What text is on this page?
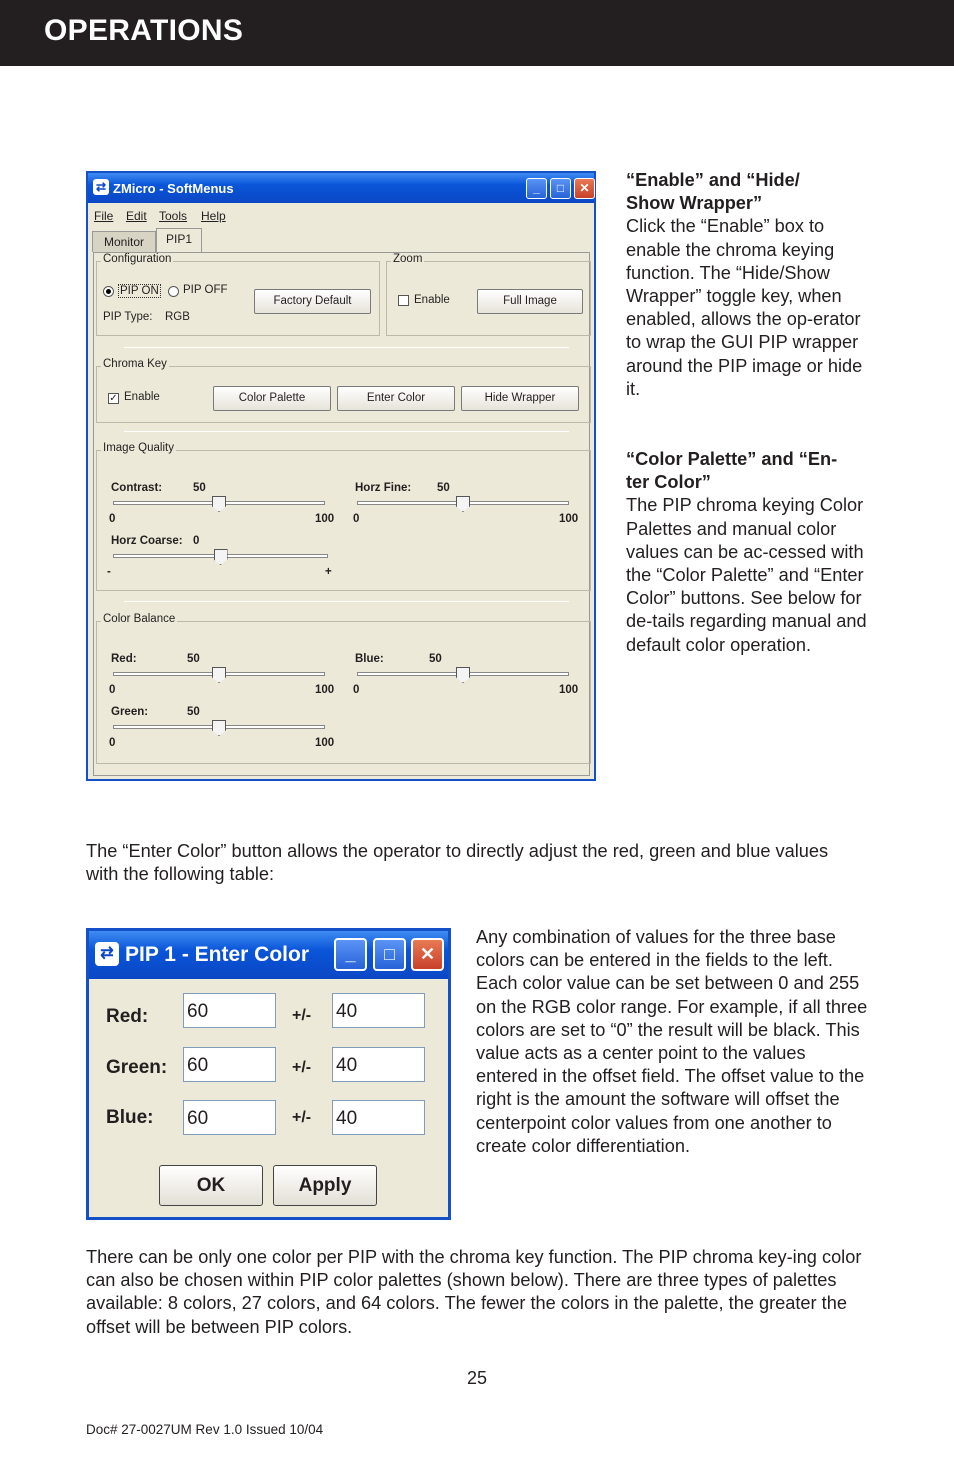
OPERATIONS
⇄ ZMicro - SoftMenus	_	□	✕
File Edit Tools Help
Monitor	PIP1
Configuration
PIP ON PIP OFF
PIP Type: RGB
Factory Default
Zoom
Enable	Full Image
Chroma Key
✓ Enable	Color Palette	Enter Color	Hide Wrapper
Image Quality
Contrast:	50
0	100
Horz Fine: 50
0	100
Horz Coarse: 0
-	+
Color Balance
Red:	50
0	100
Blue:	50
0	100
Green:	50
0	100
“Enable” and “Hide/
Show Wrapper”
Click the “Enable” box to enable the chroma keying function. The “Hide/Show Wrapper” toggle key, when enabled, allows the op-erator to wrap the GUI PIP wrapper around the PIP image or hide it.
“Color Palette” and “En-
ter Color”
The PIP chroma keying Color Palettes and manual color values can be ac-cessed with the “Color Palette” and “Enter Color” buttons. See below for de-tails regarding manual and default color operation.
The “Enter Color” button allows the operator to directly adjust the red, green and blue values with the following table:
⇄ PIP 1 - Enter Color	_	□	✕
Red: 60	+/- 40
Green: 60	+/- 40
Blue: 60	+/- 40
OK	Apply
Any combination of values for the three base colors can be entered in the fields to the left. Each color value can be set between 0 and 255 on the RGB color range. For example, if all three colors are set to “0” the result will be black. This value acts as a center point to the values entered in the offset field. The offset value to the right is the amount the software will offset the centerpoint color values from one another to create color differentiation.
There can be only one color per PIP with the chroma key function. The PIP chroma key-ing color can also be chosen within PIP color palettes (shown below). There are three types of palettes available: 8 colors, 27 colors, and 64 colors. The fewer the colors in the palette, the greater the offset will be between PIP colors.
25
Doc# 27-0027UM Rev 1.0 Issued 10/04
